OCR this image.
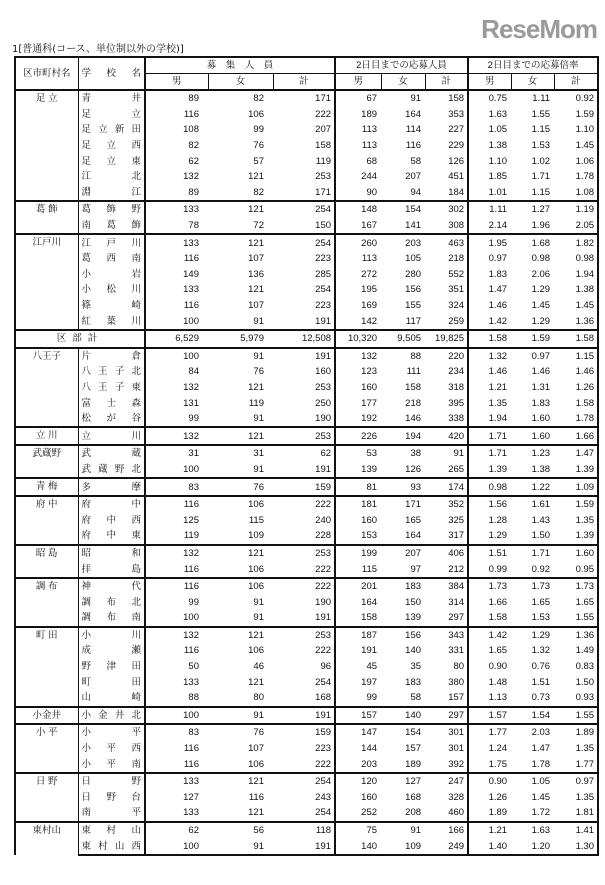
1[普通科(コース、単位制以外の学校)]
区市町村名	学　校　名	募　集　人　員			2日目までの応募人員			2日目までの応募倍率		
		男	女	計	男	女	計	男	女	計
足 立	青井	89	82	171	67	91	158	0.75	1.11	0.92
	足立	116	106	222	189	164	353	1.63	1.55	1.59
	足立新田	108	99	207	113	114	227	1.05	1.15	1.10
	足立西	82	76	158	113	116	229	1.38	1.53	1.45
	足立東	62	57	119	68	58	126	1.10	1.02	1.06
	江北	132	121	253	244	207	451	1.85	1.71	1.78
	淵江	89	82	171	90	94	184	1.01	1.15	1.08
葛 飾	葛飾野	133	121	254	148	154	302	1.11	1.27	1.19
	南葛飾	78	72	150	167	141	308	2.14	1.96	2.05
江戸川	江戸川	133	121	254	260	203	463	1.95	1.68	1.82
	葛西南	116	107	223	113	105	218	0.97	0.98	0.98
	小岩	149	136	285	272	280	552	1.83	2.06	1.94
	小松川	133	121	254	195	156	351	1.47	1.29	1.38
	篠崎	116	107	223	169	155	324	1.46	1.45	1.45
	紅葉川	100	91	191	142	117	259	1.42	1.29	1.36
区部計		6,529	5,979	12,508	10,320	9,505	19,825	1.58	1.59	1.58
八王子	片倉	100	91	191	132	88	220	1.32	0.97	1.15
	八王子北	84	76	160	123	111	234	1.46	1.46	1.46
	八王子東	132	121	253	160	158	318	1.21	1.31	1.26
	富士森	131	119	250	177	218	395	1.35	1.83	1.58
	松が谷	99	91	190	192	146	338	1.94	1.60	1.78
立 川	立川	132	121	253	226	194	420	1.71	1.60	1.66
武蔵野	武蔵	31	31	62	53	38	91	1.71	1.23	1.47
	武蔵野北	100	91	191	139	126	265	1.39	1.38	1.39
青 梅	多摩	83	76	159	81	93	174	0.98	1.22	1.09
府 中	府中	116	106	222	181	171	352	1.56	1.61	1.59
	府中西	125	115	240	160	165	325	1.28	1.43	1.35
	府中東	119	109	228	153	164	317	1.29	1.50	1.39
昭 島	昭和	132	121	253	199	207	406	1.51	1.71	1.60
	拝島	116	106	222	115	97	212	0.99	0.92	0.95
調 布	神代	116	106	222	201	183	384	1.73	1.73	1.73
	調布北	99	91	190	164	150	314	1.66	1.65	1.65
	調布南	100	91	191	158	139	297	1.58	1.53	1.55
町 田	小川	132	121	253	187	156	343	1.42	1.29	1.36
	成瀬	116	106	222	191	140	331	1.65	1.32	1.49
	野津田	50	46	96	45	35	80	0.90	0.76	0.83
	町田	133	121	254	197	183	380	1.48	1.51	1.50
	山崎	88	80	168	99	58	157	1.13	0.73	0.93
小金井	小金井北	100	91	191	157	140	297	1.57	1.54	1.55
小 平	小平	83	76	159	147	154	301	1.77	2.03	1.89
	小平西	116	107	223	144	157	301	1.24	1.47	1.35
	小平南	116	106	222	203	189	392	1.75	1.78	1.77
日 野	日野	133	121	254	120	127	247	0.90	1.05	0.97
	日野台	127	116	243	160	168	328	1.26	1.45	1.35
	南平	133	121	254	252	208	460	1.89	1.72	1.81
東村山	東村山	62	56	118	75	91	166	1.21	1.63	1.41
	東村山西	100	91	191	140	109	249	1.40	1.20	1.30
ReseMom
